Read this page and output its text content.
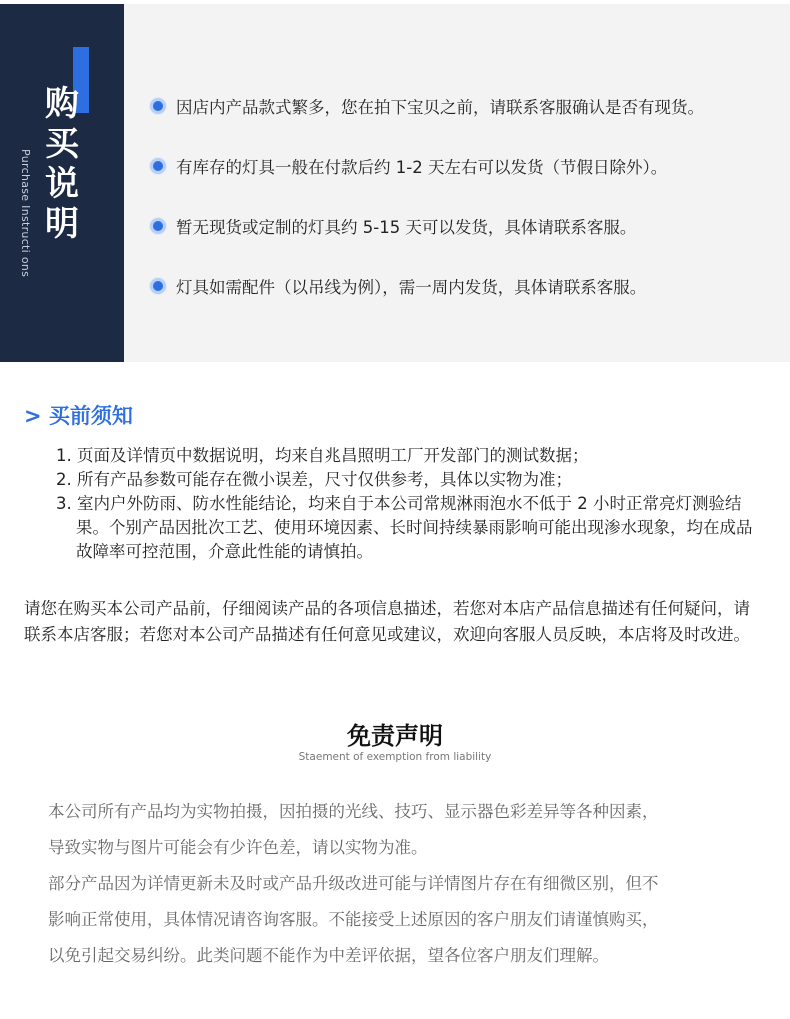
购
买
说
明
Purchase Instructi ons
因店内产品款式繁多，您在拍下宝贝之前，请联系客服确认是否有现货。
有库存的灯具一般在付款后约 1-2 天左右可以发货（节假日除外）。
暂无现货或定制的灯具约 5-15 天可以发货，具体请联系客服。
灯具如需配件（以吊线为例），需一周内发货，具体请联系客服。
> 买前须知
1. 页面及详情页中数据说明，均来自兆昌照明工厂开发部门的测试数据；
2. 所有产品参数可能存在微小误差，尺寸仅供参考，具体以实物为准；
3. 室内户外防雨、防水性能结论，均来自于本公司常规淋雨泡水不低于 2 小时正常亮灯测验结果。个别产品因批次工艺、使用环境因素、长时间持续暴雨影响可能出现渗水现象，均在成品故障率可控范围，介意此性能的请慎拍。

请您在购买本公司产品前，仔细阅读产品的各项信息描述，若您对本店产品信息描述有任何疑问，请联系本店客服；若您对本公司产品描述有任何意见或建议，欢迎向客服人员反映，本店将及时改进。

免责声明
Staement of exemption from liability

本公司所有产品均为实物拍摄，因拍摄的光线、技巧、显示器色彩差异等各种因素，

导致实物与图片可能会有少许色差，请以实物为准。

部分产品因为详情更新未及时或产品升级改进可能与详情图片存在有细微区别，但不

影响正常使用，具体情况请咨询客服。不能接受上述原因的客户朋友们请谨慎购买，

以免引起交易纠纷。此类问题不能作为中差评依据，望各位客户朋友们理解。
